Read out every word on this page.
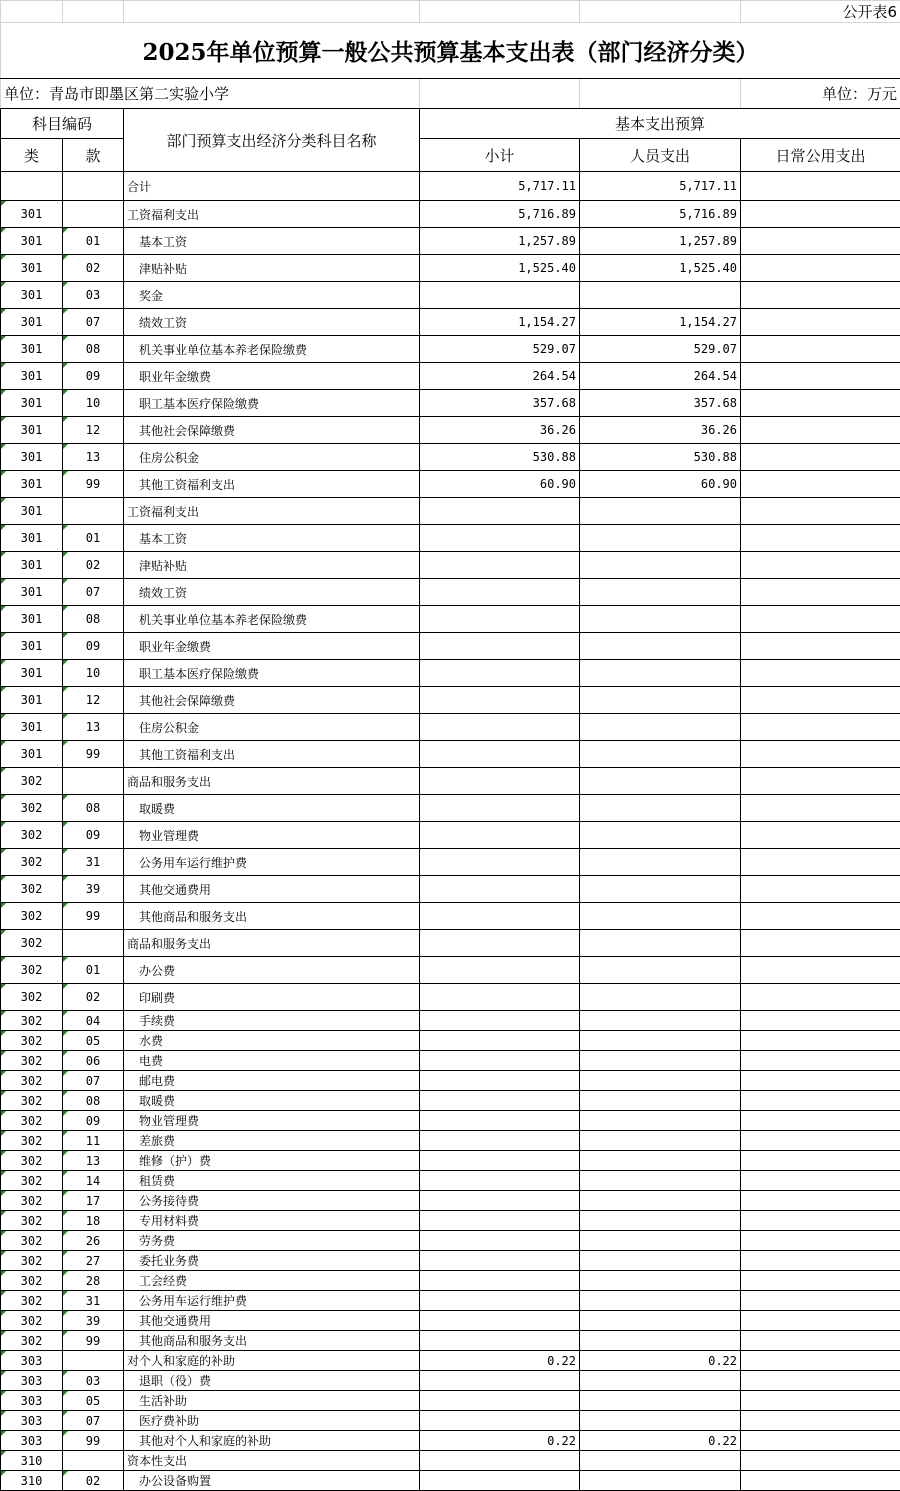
					公开表6
2025年单位预算一般公共预算基本支出表（部门经济分类）					
单位：青岛市即墨区第二实验小学					单位：万元
科目编码		部门预算支出经济分类科目名称	基本支出预算		
类	款		小计	人员支出	日常公用支出
		合计	5,717.11	5,717.11	
301		工资福利支出	5,716.89	5,716.89	
301	01	基本工资	1,257.89	1,257.89	
301	02	津贴补贴	1,525.40	1,525.40	
301	03	奖金			
301	07	绩效工资	1,154.27	1,154.27	
301	08	机关事业单位基本养老保险缴费	529.07	529.07	
301	09	职业年金缴费	264.54	264.54	
301	10	职工基本医疗保险缴费	357.68	357.68	
301	12	其他社会保障缴费	36.26	36.26	
301	13	住房公积金	530.88	530.88	
301	99	其他工资福利支出	60.90	60.90	
301		工资福利支出			
301	01	基本工资			
301	02	津贴补贴			
301	07	绩效工资			
301	08	机关事业单位基本养老保险缴费			
301	09	职业年金缴费			
301	10	职工基本医疗保险缴费			
301	12	其他社会保障缴费			
301	13	住房公积金			
301	99	其他工资福利支出			
302		商品和服务支出			
302	08	取暖费			
302	09	物业管理费			
302	31	公务用车运行维护费			
302	39	其他交通费用			
302	99	其他商品和服务支出			
302		商品和服务支出			
302	01	办公费			
302	02	印刷费			
302	04	手续费			
302	05	水费			
302	06	电费			
302	07	邮电费			
302	08	取暖费			
302	09	物业管理费			
302	11	差旅费			
302	13	维修（护）费			
302	14	租赁费			
302	17	公务接待费			
302	18	专用材料费			
302	26	劳务费			
302	27	委托业务费			
302	28	工会经费			
302	31	公务用车运行维护费			
302	39	其他交通费用			
302	99	其他商品和服务支出			
303		对个人和家庭的补助	0.22	0.22	
303	03	退职（役）费			
303	05	生活补助			
303	07	医疗费补助			
303	99	其他对个人和家庭的补助	0.22	0.22	
310		资本性支出			
310	02	办公设备购置			
